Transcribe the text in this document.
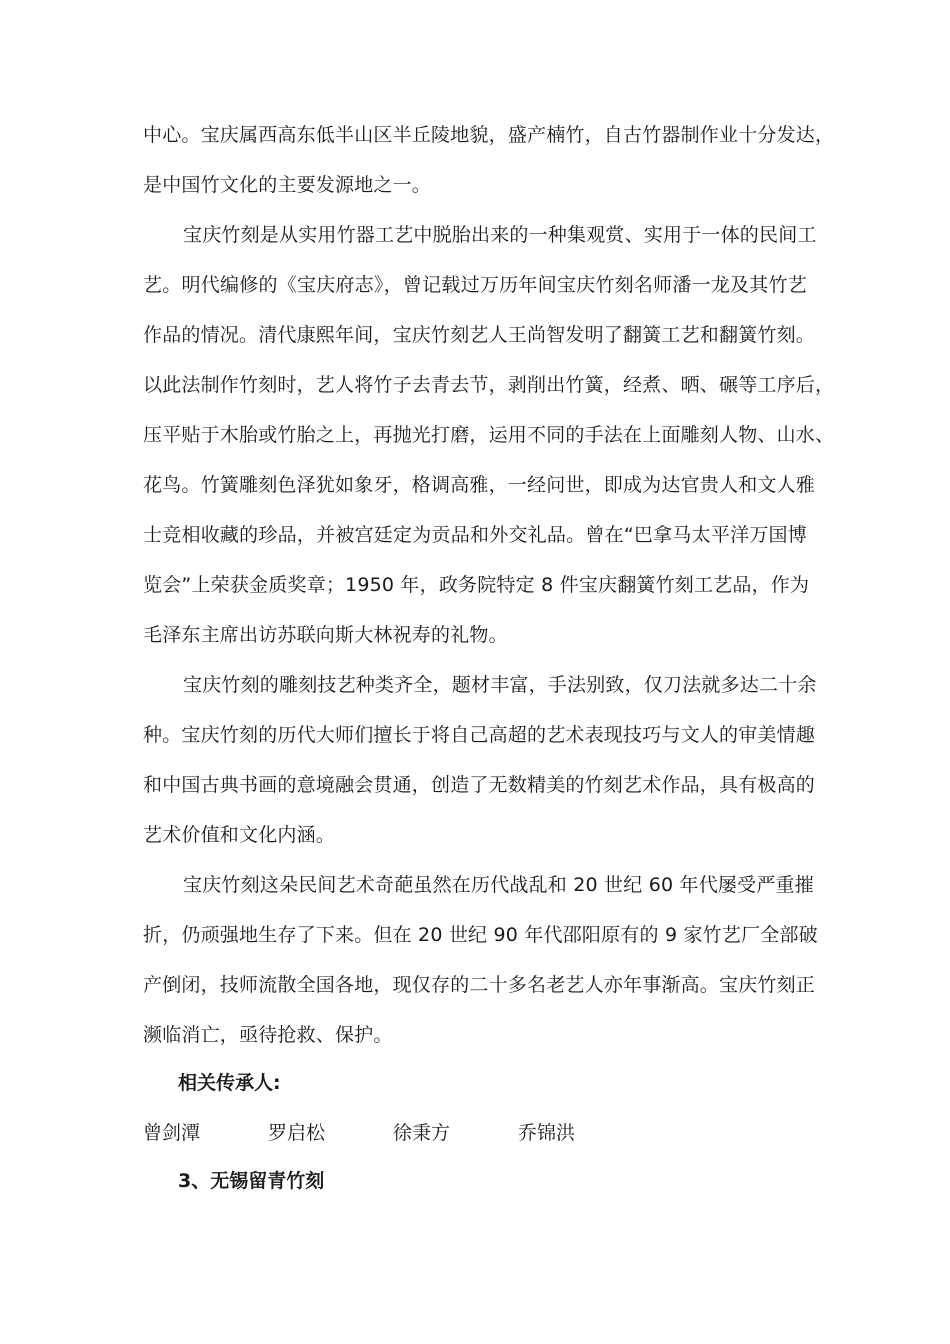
中心。宝庆属西高东低半山区半丘陵地貌，盛产楠竹，自古竹器制作业十分发达，
是中国竹文化的主要发源地之一。
宝庆竹刻是从实用竹器工艺中脱胎出来的一种集观赏、实用于一体的民间工
艺。明代编修的《宝庆府志》，曾记载过万历年间宝庆竹刻名师潘一龙及其竹艺
作品的情况。清代康熙年间，宝庆竹刻艺人王尚智发明了翻簧工艺和翻簧竹刻。
以此法制作竹刻时，艺人将竹子去青去节，剥削出竹簧，经煮、晒、碾等工序后，
压平贴于木胎或竹胎之上，再抛光打磨，运用不同的手法在上面雕刻人物、山水、
花鸟。竹簧雕刻色泽犹如象牙，格调高雅，一经问世，即成为达官贵人和文人雅
士竞相收藏的珍品，并被宫廷定为贡品和外交礼品。曾在“巴拿马太平洋万国博
览会”上荣获金质奖章；1950 年，政务院特定 8 件宝庆翻簧竹刻工艺品，作为
毛泽东主席出访苏联向斯大林祝寿的礼物。
宝庆竹刻的雕刻技艺种类齐全，题材丰富，手法别致，仅刀法就多达二十余
种。宝庆竹刻的历代大师们擅长于将自己高超的艺术表现技巧与文人的审美情趣
和中国古典书画的意境融会贯通，创造了无数精美的竹刻艺术作品，具有极高的
艺术价值和文化内涵。
宝庆竹刻这朵民间艺术奇葩虽然在历代战乱和 20 世纪 60 年代屡受严重摧
折，仍顽强地生存了下来。但在 20 世纪 90 年代邵阳原有的 9 家竹艺厂全部破
产倒闭，技师流散全国各地，现仅存的二十多名老艺人亦年事渐高。宝庆竹刻正
濒临消亡，亟待抢救、保护。
相关传承人:
曾剑潭	罗启松	徐秉方	乔锦洪
3、无锡留青竹刻
